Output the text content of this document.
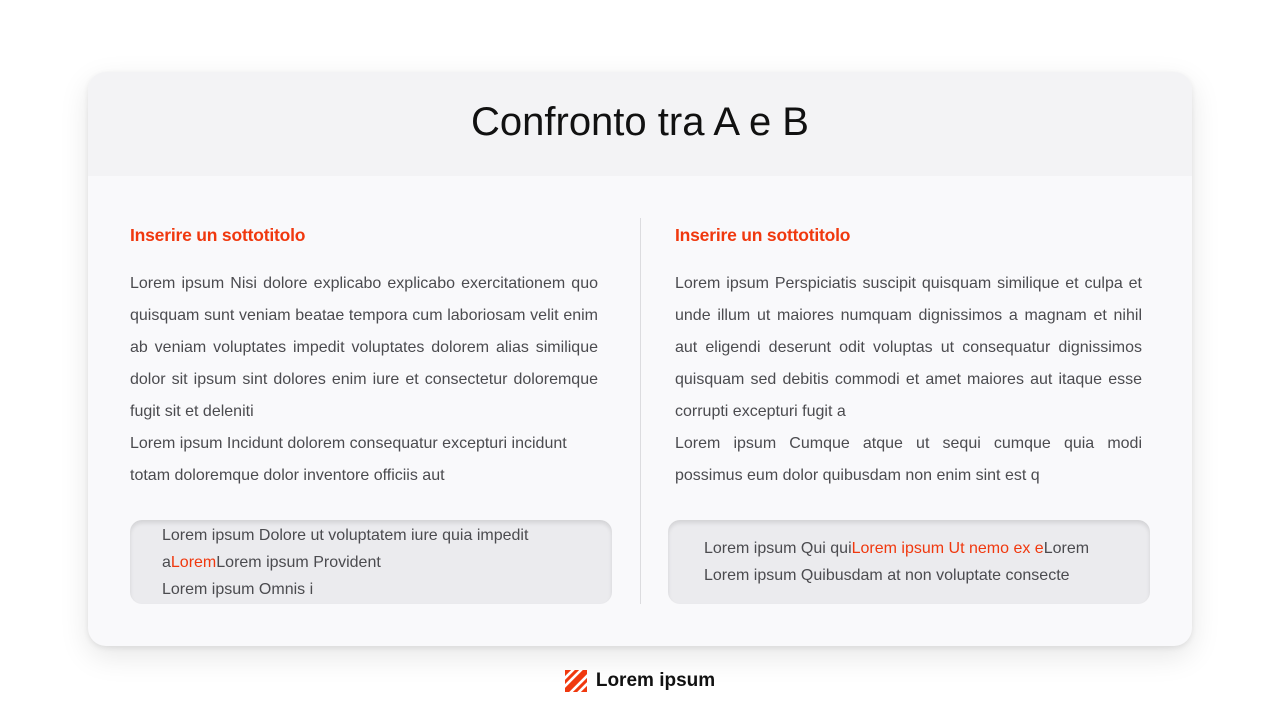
Confronto tra A e B
Inserire un sottotitolo

Lorem ipsum Nisi dolore explicabo explicabo exercitationem quo quisquam sunt veniam beatae tempora cum laboriosam velit enim ab veniam voluptates impedit voluptates dolorem alias similique dolor sit ipsum sint dolores enim iure et consectetur doloremque fugit sit et deleniti

Lorem ipsum Incidunt dolorem consequatur excepturi incidunt totam doloremque dolor inventore officiis aut

Lorem ipsum Dolore ut voluptatem iure quia impedit
aLoremLorem ipsum Provident
Lorem ipsum Omnis i
Inserire un sottotitolo

Lorem ipsum Perspiciatis suscipit quisquam similique et culpa et unde illum ut maiores numquam dignissimos a magnam et nihil aut eligendi deserunt odit voluptas ut consequatur dignissimos quisquam sed debitis commodi et amet maiores aut itaque esse corrupti excepturi fugit a

Lorem ipsum Cumque atque ut sequi cumque quia modi possimus eum dolor quibusdam non enim sint est q

Lorem ipsum Qui quiLorem ipsum Ut nemo ex eLorem
Lorem ipsum Quibusdam at non voluptate consecte
Lorem ipsum
